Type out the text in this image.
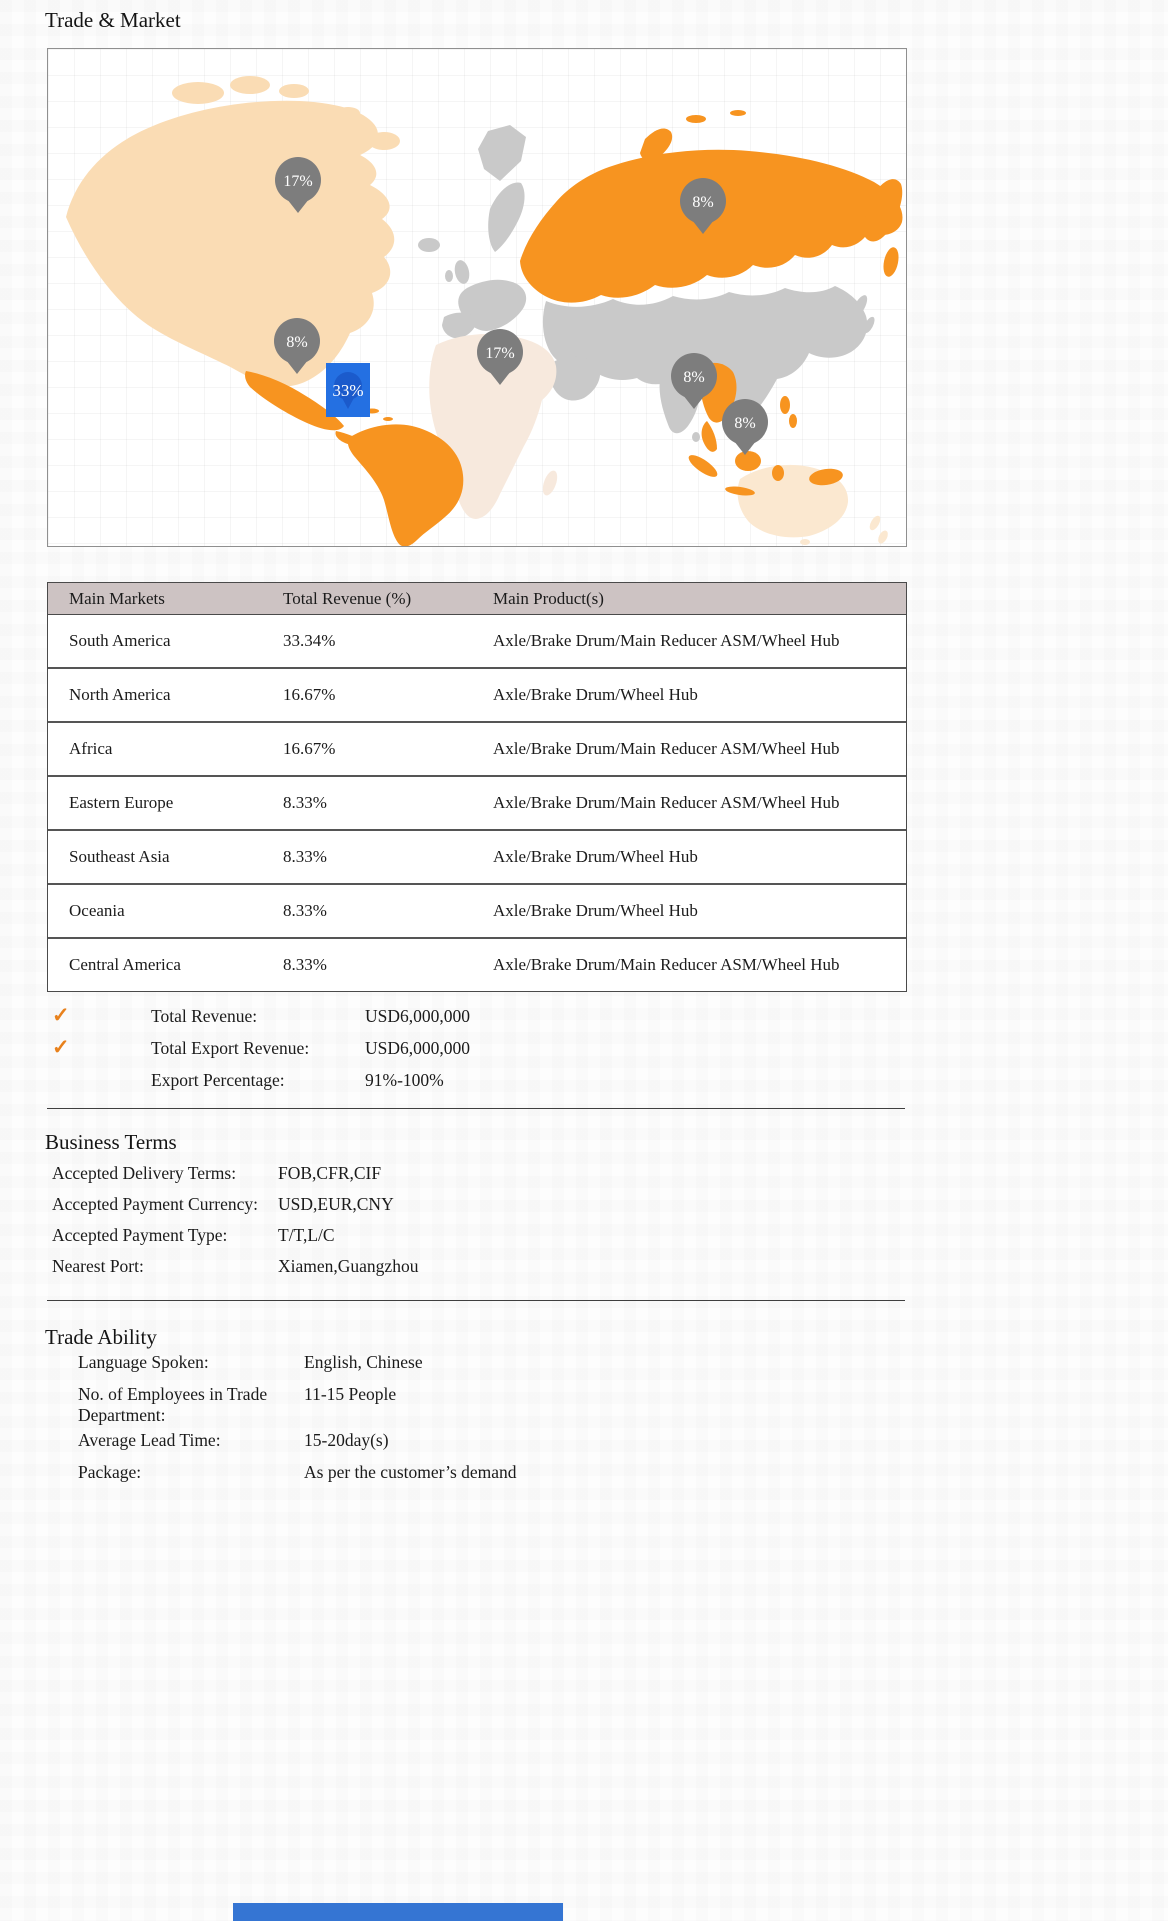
Trade & Market
17%
8%
8%
17%
8%
8%
33%
Main Markets	Total Revenue (%)	Main Product(s)
South America	33.34%	Axle/Brake Drum/Main Reducer ASM/Wheel Hub
North America	16.67%	Axle/Brake Drum/Wheel Hub
Africa	16.67%	Axle/Brake Drum/Main Reducer ASM/Wheel Hub
Eastern Europe	8.33%	Axle/Brake Drum/Main Reducer ASM/Wheel Hub
Southeast Asia	8.33%	Axle/Brake Drum/Wheel Hub
Oceania	8.33%	Axle/Brake Drum/Wheel Hub
Central America	8.33%	Axle/Brake Drum/Main Reducer ASM/Wheel Hub
✓	Total Revenue:	USD6,000,000
✓	Total Export Revenue:	USD6,000,000
Export Percentage:	91%-100%
Business Terms
Accepted Delivery Terms: FOB,CFR,CIF
Accepted Payment Currency: USD,EUR,CNY
Accepted Payment Type:	T/T,L/C
Nearest Port:	Xiamen,Guangzhou
Trade Ability
Language Spoken:	English, Chinese
No. of Employees in Trade Department:
11-15 People
Average Lead Time:	15-20day(s)
Package:	As per the customer’s demand
